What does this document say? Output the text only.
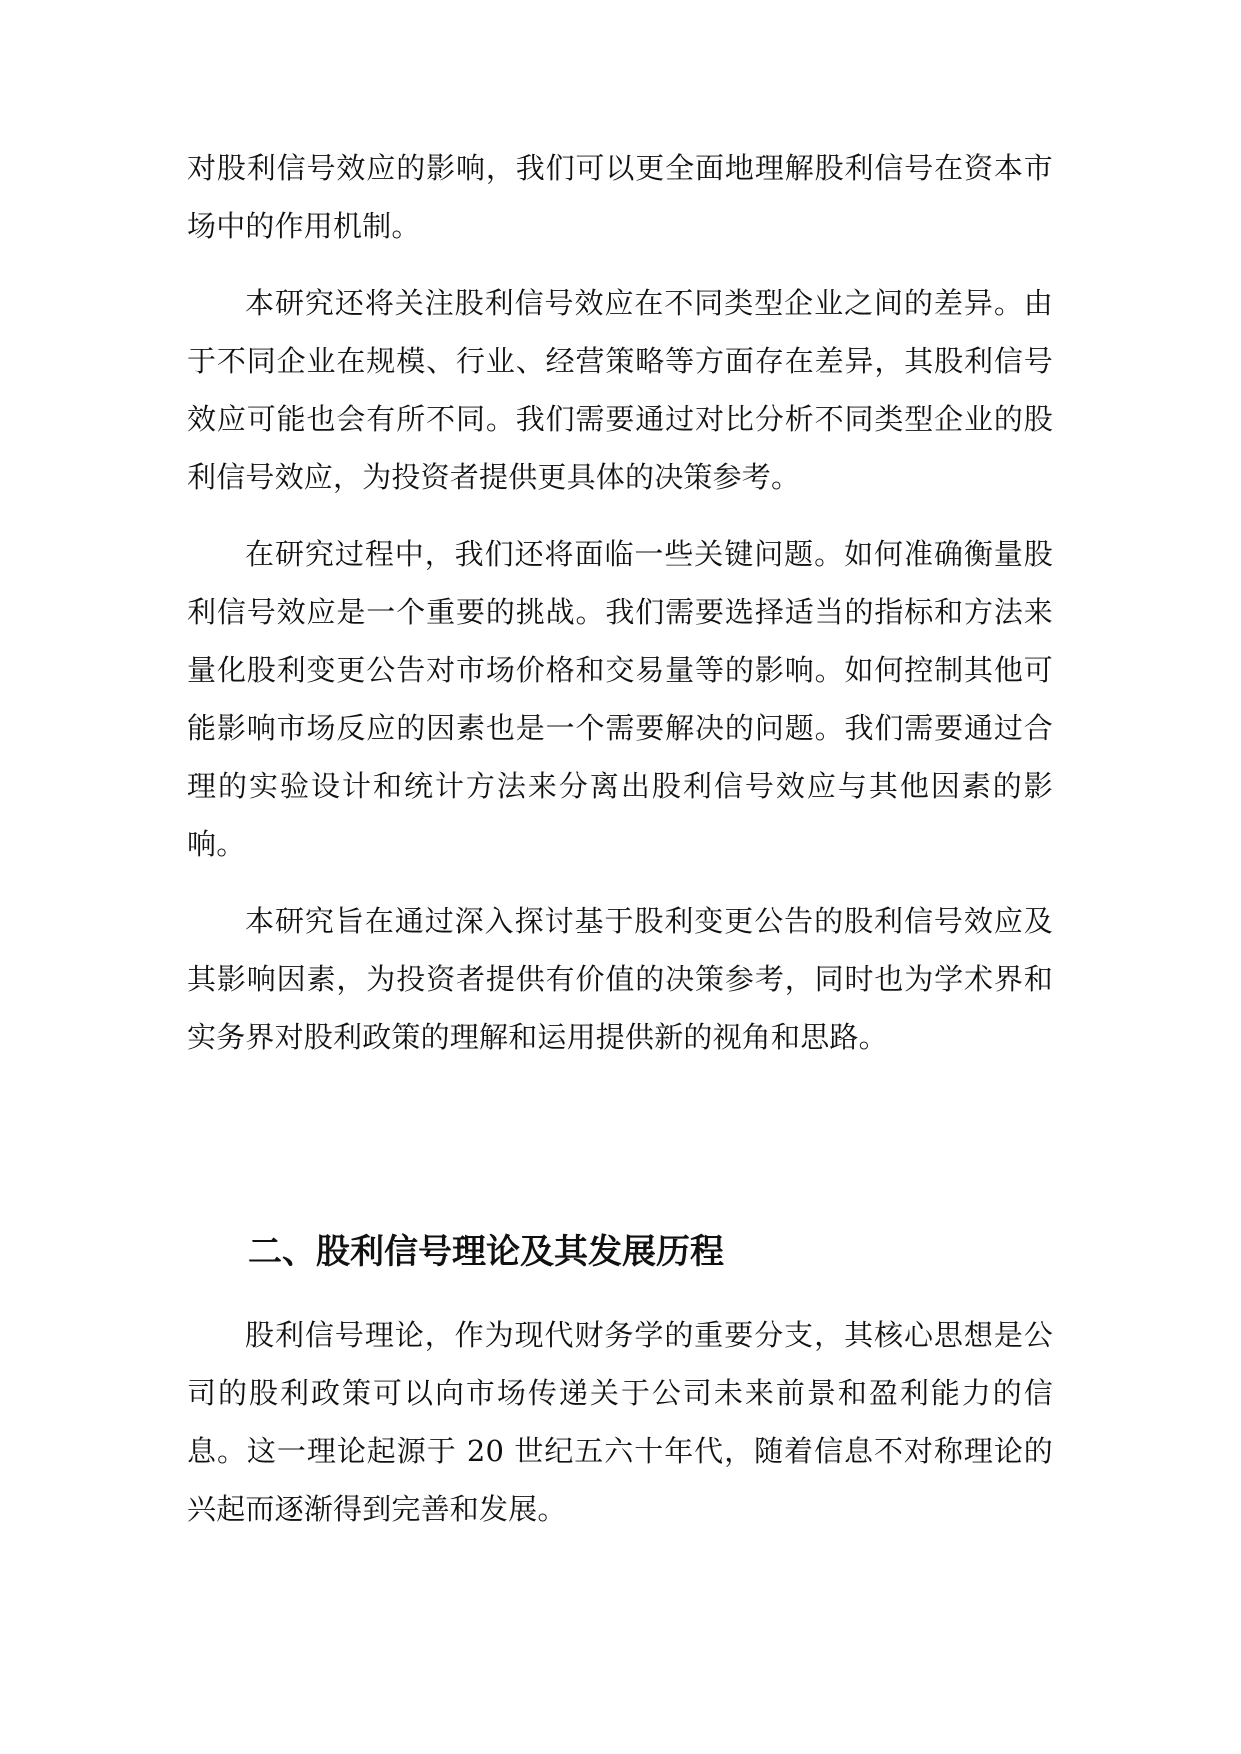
对股利信号效应的影响，我们可以更全面地理解股利信号在资本市场中的作用机制。

本研究还将关注股利信号效应在不同类型企业之间的差异。由于不同企业在规模、行业、经营策略等方面存在差异，其股利信号效应可能也会有所不同。我们需要通过对比分析不同类型企业的股利信号效应，为投资者提供更具体的决策参考。

在研究过程中，我们还将面临一些关键问题。如何准确衡量股利信号效应是一个重要的挑战。我们需要选择适当的指标和方法来量化股利变更公告对市场价格和交易量等的影响。如何控制其他可能影响市场反应的因素也是一个需要解决的问题。我们需要通过合理的实验设计和统计方法来分离出股利信号效应与其他因素的影响。

本研究旨在通过深入探讨基于股利变更公告的股利信号效应及其影响因素，为投资者提供有价值的决策参考，同时也为学术界和实务界对股利政策的理解和运用提供新的视角和思路。

二、股利信号理论及其发展历程

股利信号理论，作为现代财务学的重要分支，其核心思想是公司的股利政策可以向市场传递关于公司未来前景和盈利能力的信息。这一理论起源于 20 世纪五六十年代，随着信息不对称理论的兴起而逐渐得到完善和发展。
